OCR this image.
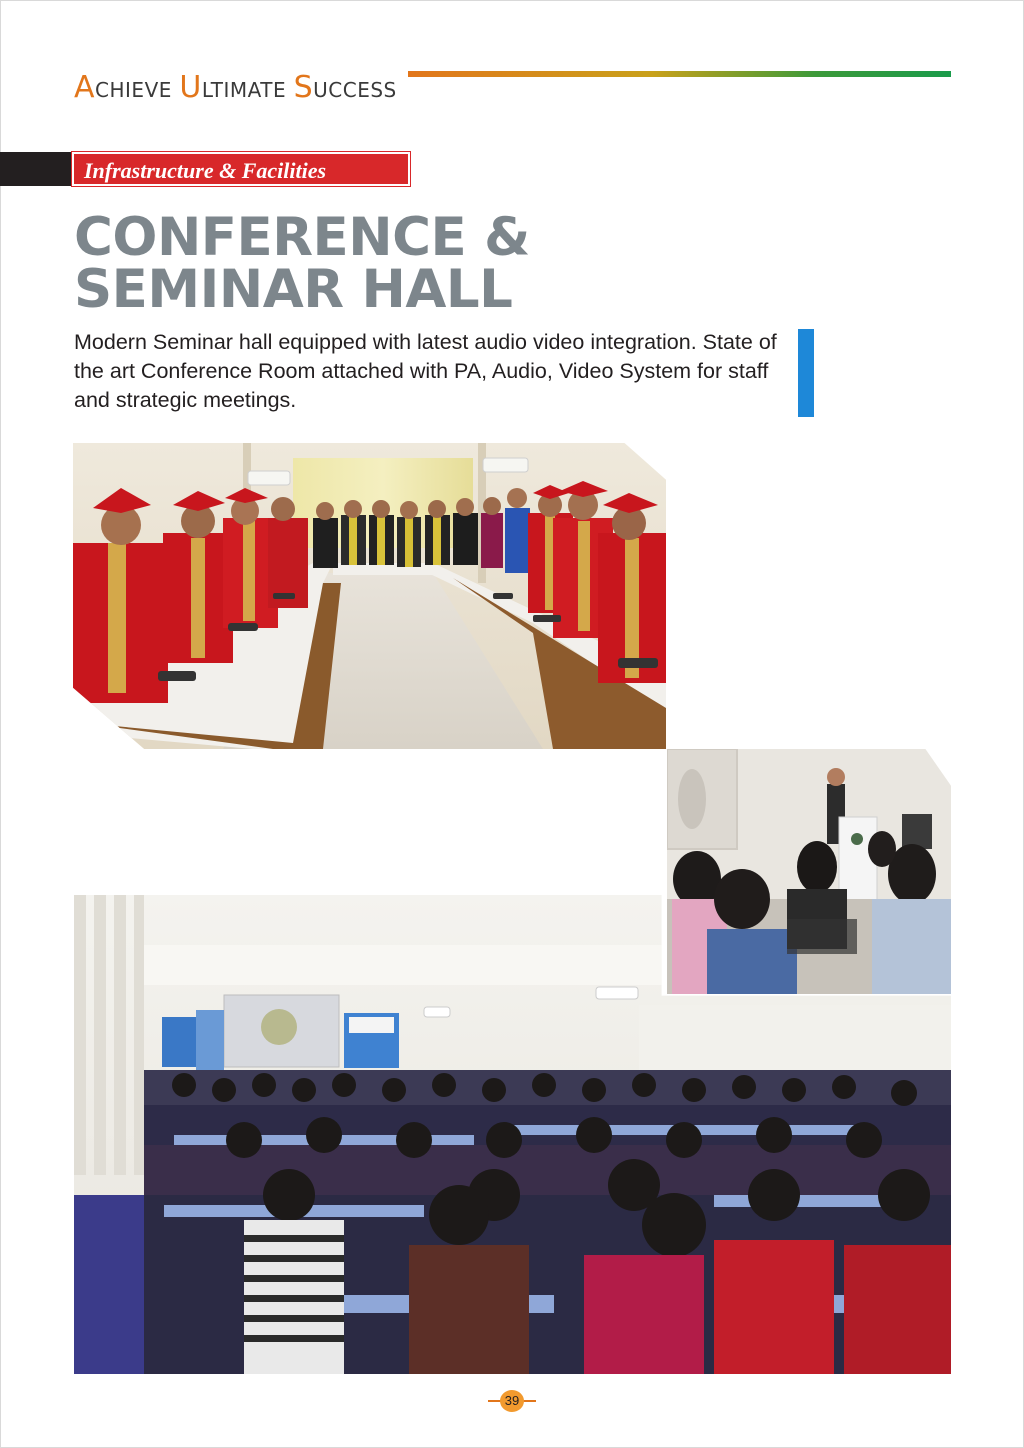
ACHIEVE ULTIMATE SUCCESS
Infrastructure & Facilities
CONFERENCE &
SEMINAR HALL

Modern Seminar hall equipped with latest audio video integration. State of the art Conference Room attached with PA, Audio, Video System for staff and strategic meetings.

39
